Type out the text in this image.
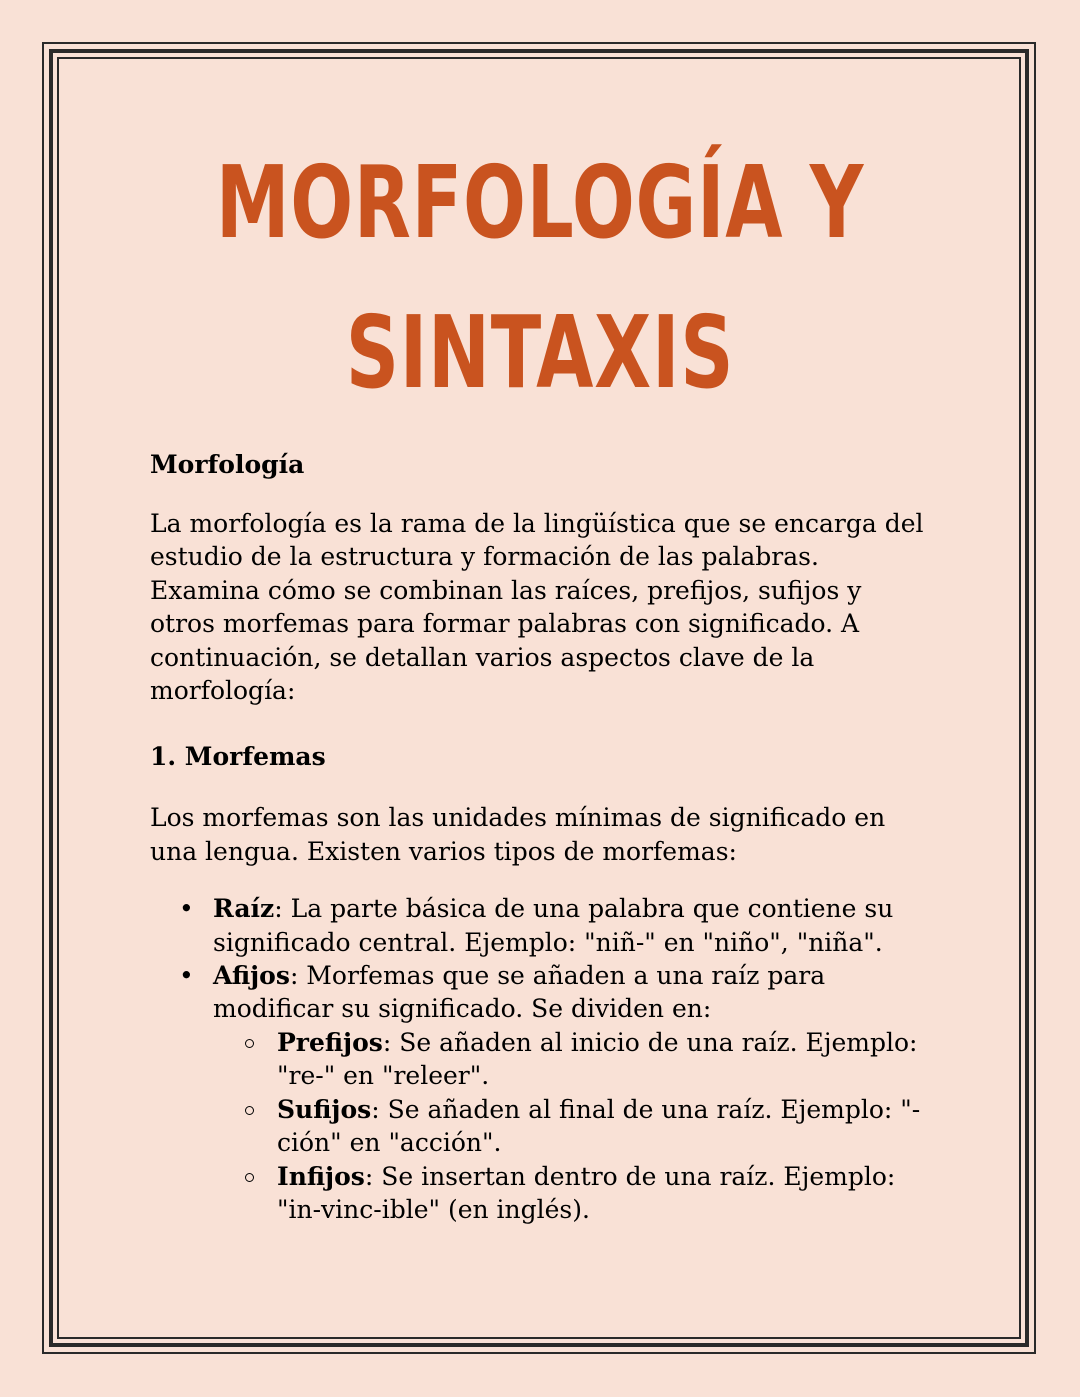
MORFOLOGÍA Y
SINTAXIS
Morfología

La morfología es la rama de la lingüística que se encarga del estudio de la estructura y formación de las palabras. Examina cómo se combinan las raíces, prefijos, sufijos y otros morfemas para formar palabras con significado. A continuación, se detallan varios aspectos clave de la morfología:

1. Morfemas

Los morfemas son las unidades mínimas de significado en una lengua. Existen varios tipos de morfemas:

• Raíz: La parte básica de una palabra que contiene su significado central. Ejemplo: "niñ-" en "niño", "niña".
• Afijos: Morfemas que se añaden a una raíz para modificar su significado. Se dividen en:
Prefijos: Se añaden al inicio de una raíz. Ejemplo: "re-" en "releer".
Sufijos: Se añaden al final de una raíz. Ejemplo: "-ción" en "acción".
Infijos: Se insertan dentro de una raíz. Ejemplo: "in-vinc-ible" (en inglés).
